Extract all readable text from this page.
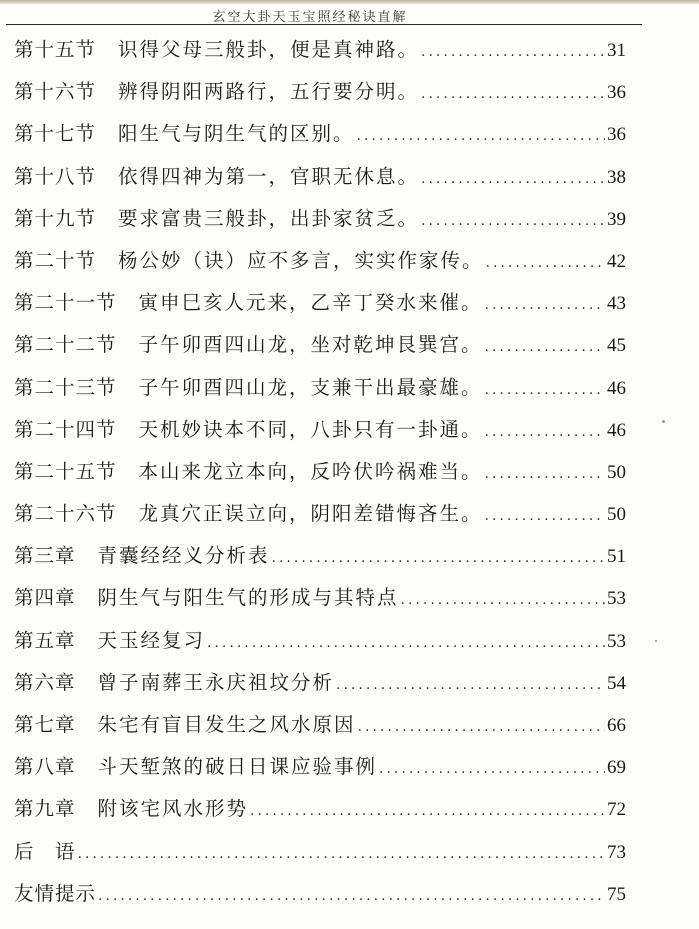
玄空大卦天玉宝照经秘诀直解
第十五节	识得父母三般卦，便是真神路。 .....	31
第十六节	辨得阴阳两路行，五行要分明。 .....	36
第十七节	阳生气与阴生气的区别。 .....	36
第十八节	依得四神为第一，官职无休息。 .....	38
第十九节	要求富贵三般卦，出卦家贫乏。 .....	39
第二十节	杨公妙（诀）应不多言，实实作家传。 .....	42
第二十一节	寅申巳亥人元来，乙辛丁癸水来催。 .....	43
第二十二节	子午卯酉四山龙，坐对乾坤艮巽宫。 .....	45
第二十三节	子午卯酉四山龙，支兼干出最豪雄。 .....	46
第二十四节	天机妙诀本不同，八卦只有一卦通。 .....	46
第二十五节	本山来龙立本向，反吟伏吟祸难当。 .....	50
第二十六节	龙真穴正误立向，阴阳差错悔吝生。 .....	50
第三章	青囊经经义分析表 .....	51
第四章	阴生气与阳生气的形成与其特点 .....	53
第五章	天玉经复习 .....	53
第六章	曾子南葬王永庆祖坟分析 .....	54
第七章	朱宅有盲目发生之风水原因 .....	66
第八章	斗天堑煞的破日日课应验事例 .....	69
第九章	附该宅风水形势 .....	72
后　语 .....	73
友情提示 .....	75
